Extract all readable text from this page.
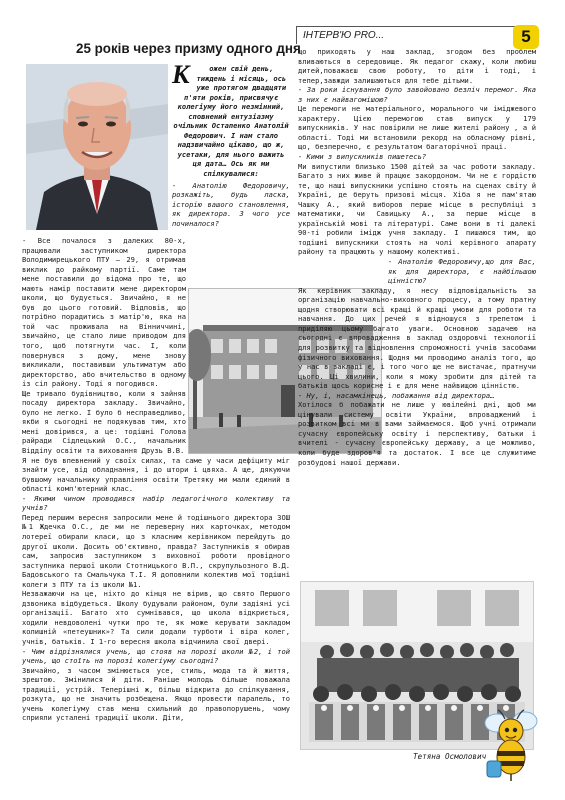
ІНТЕРВ'Ю PRO...	5
25 років через призму одного дня
К	ожен свій день, тиждень і місяць, ось уже протягом двадцяти п'яти років, присвячує колегіуму його незмінний, сповнений ентузіазму очільник Остапенко Анатолій Федорович. І нам стало надзвичайно цікаво, що ж, усетаки, для нього важить ця дата… Ось як ми спілкувалися:

- Анатолію Федоровичу, розкажіть, будь ласка, історію вашого становлення, як директора. З чого усе починалося?

- Все почалося з далеких 80-х, працювали заступником директора Володимирецького ПТУ – 29, я отримав виклик до райкому партії. Саме там мене поставили до відома про те, що мають намір поставити мене директором школи, що будується. Звичайно, я не був до цього готовий. Відповів, що потрібно порадитись з матір'ю, яка на той час проживала на Вінниччині, звичайно, це стало лише приводом для того, щоб потягнути час. І, коли повернувся з дому, мене знову викликали, поставивши ультиматум або директорство, або вчительство в одному із сіл району. Тоді я погодився.

Ще тривало будівництво, коли я зайняв посаду директора закладу. Звичайно, було не легко. І було б несправедливо, якби я сьогодні не подякував тим, хто мені довірився, а це: тодішні Голова райради Сідлецький О.С., начальник Відділу освіти та виховання Друзь В.В.

Я не був впевнений у своїх силах, та саме у часи дефіциту міг знайти усе, від обладнання, і до штори і цвяха. А ще, дякуючи бувшому начальнику управління освіти Третяку ми мали єдиний в області комп'ютерний клас.

- Якими чином проводився набір педагогічного колективу та учнів?

Перед першим вересня запросили мене й тодішнього директора ЗОШ №1 Ждечка О.С., де ми не переверну них карточках, методом лотереї обирали класи, що з класним керівником перейдуть до другої школи. Досить об'єктивно, правда? Заступників я обирав сам, запросив заступником з виховної роботи провідного заступника першої школи Стотницького В.П., скрупульозного В.Д. Бадовського та Смальчука Т.І. Я доповнили колектив мої тодішні колеги з ПТУ та із школи №1.

Незважаючи на це, ніхто до кінця не вірив, що свято Першого дзвоника відбудеться. Школу будували районом, були задіяні усі організації. Багато хто сумнівався, що школа відкриється, ходили невдоволені чутки про те, як може керувати закладом колишній «петеушник»? Та сили додали турботи і віра колег, учнів, батьків. І 1-го вересня школа відчинила свої двері.

- Чим відрізнялися учень, що стояв на порозі школи №2, і той учень, що стоїть на порозі колегіуму сьогодні?

Звичайно, з часом змінюється усе, стиль, мода та й життя, зрештою. Змінилися й діти. Раніше молодь більше поважала традиції, устрій. Теперішні ж, більш відкрита до спілкування, розкута, що не значить розбещена. Якщо провести паралель, то учень колегіуму став менш схильний до правопорушень, чому сприяли усталені традиції школи. Діти,

що приходять у наш заклад, згодом без проблем вливаються в середовище. Як педагог скажу, коли любиш дитей,поважаєш свою роботу, то діти і тоді, і тепер,завжди залишаються для тебе дітьми.

- За роки існування було завойовано безліч перемог. Яка з них є найвагомішою?

Це перемоги не матеріального, морального чи іміджевого характеру. Цією перемогою став випуск у 179 випускників. У нас повірили не лише жителі району , а й області. Тоді ми встановили рекорд на обласному рівні, що, безперечно, є результатом багаторічної праці.

- Кими з випускників пишетесь?

Ми випустили близько 1500 дітей за час роботи закладу. Багато з них живе й працює закордоном. Чи не є гордістю те, що наші випускники успішно стоять на сценах світу й Україні, де беруть призові місця. Хіба я не пам'ятаю Чашку А., який виборов перше місце в республіці з математики, чи Савицьку А., за перше місце в українській мові та літературі. Саме вони в ті далекі 90-ті робили імідж учня закладу. І пишаюся тим, що тодішні випускники стоять на чолі керівного апарату району та працюють у нашому колективі.

- Анатолію Федоровичу,що для Вас, як для директора, є найбільшою цінністю?

Як керівник закладу, я несу відповідальність за організацію навчально-виховного процесу, а тому пратну щодня створювати всі кращі й кращі умови для роботи та навчання. До цих речей я відношуся з трепетом і приділяю цьому багато уваги. Основною задачею на сьогодні є впровадження в заклад оздоровчі технології для розвитку та відновлення спроможності учнів засобами фізичного виховання. Щодня ми проводимо аналіз того, що у нас в закладі є, і того чого ще не вистачає, пратнучи цього. Ці хвилини, коли я можу зробити для дітей та батьків щось корисне і є для мене найвищою цінністю.

- Ну, і, насамкінець, побажання від директора…

Хотілося б побажати не лише у ювілейні дні, щоб ми цінували систему освіти України, впроваджений і розвитком всі ми в вами займаємося. Щоб учні отримали сучасну європейську освіту і перспективу, батьки і вчителі - сучасну європейську державу, а це можливо, коли буде здоров'я та достаток. І все це служитиме розбудові нашої держави.

Тетяна Осмолович
